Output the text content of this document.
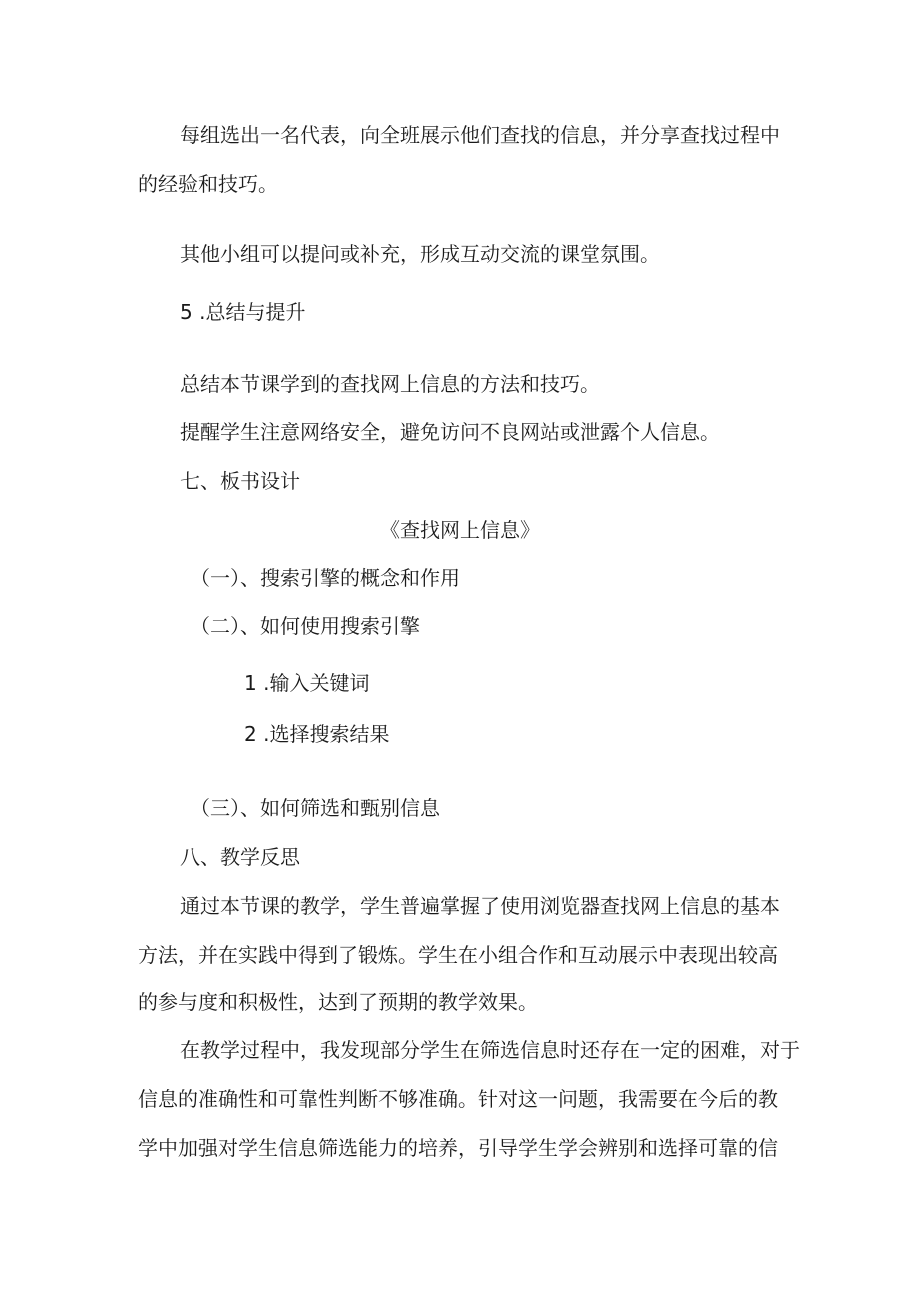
每组选出一名代表，向全班展示他们查找的信息，并分享查找过程中
的经验和技巧。
其他小组可以提问或补充，形成互动交流的课堂氛围。
5 .总结与提升
总结本节课学到的查找网上信息的方法和技巧。
提醒学生注意网络安全，避免访问不良网站或泄露个人信息。
七、板书设计
《查找网上信息》
（一）、搜索引擎的概念和作用
（二）、如何使用搜索引擎
1 .输入关键词
2 .选择搜索结果
（三）、如何筛选和甄别信息
八、教学反思
通过本节课的教学，学生普遍掌握了使用浏览器查找网上信息的基本
方法，并在实践中得到了锻炼。学生在小组合作和互动展示中表现出较高
的参与度和积极性，达到了预期的教学效果。
在教学过程中，我发现部分学生在筛选信息时还存在一定的困难，对于
信息的准确性和可靠性判断不够准确。针对这一问题，我需要在今后的教
学中加强对学生信息筛选能力的培养，引导学生学会辨别和选择可靠的信
